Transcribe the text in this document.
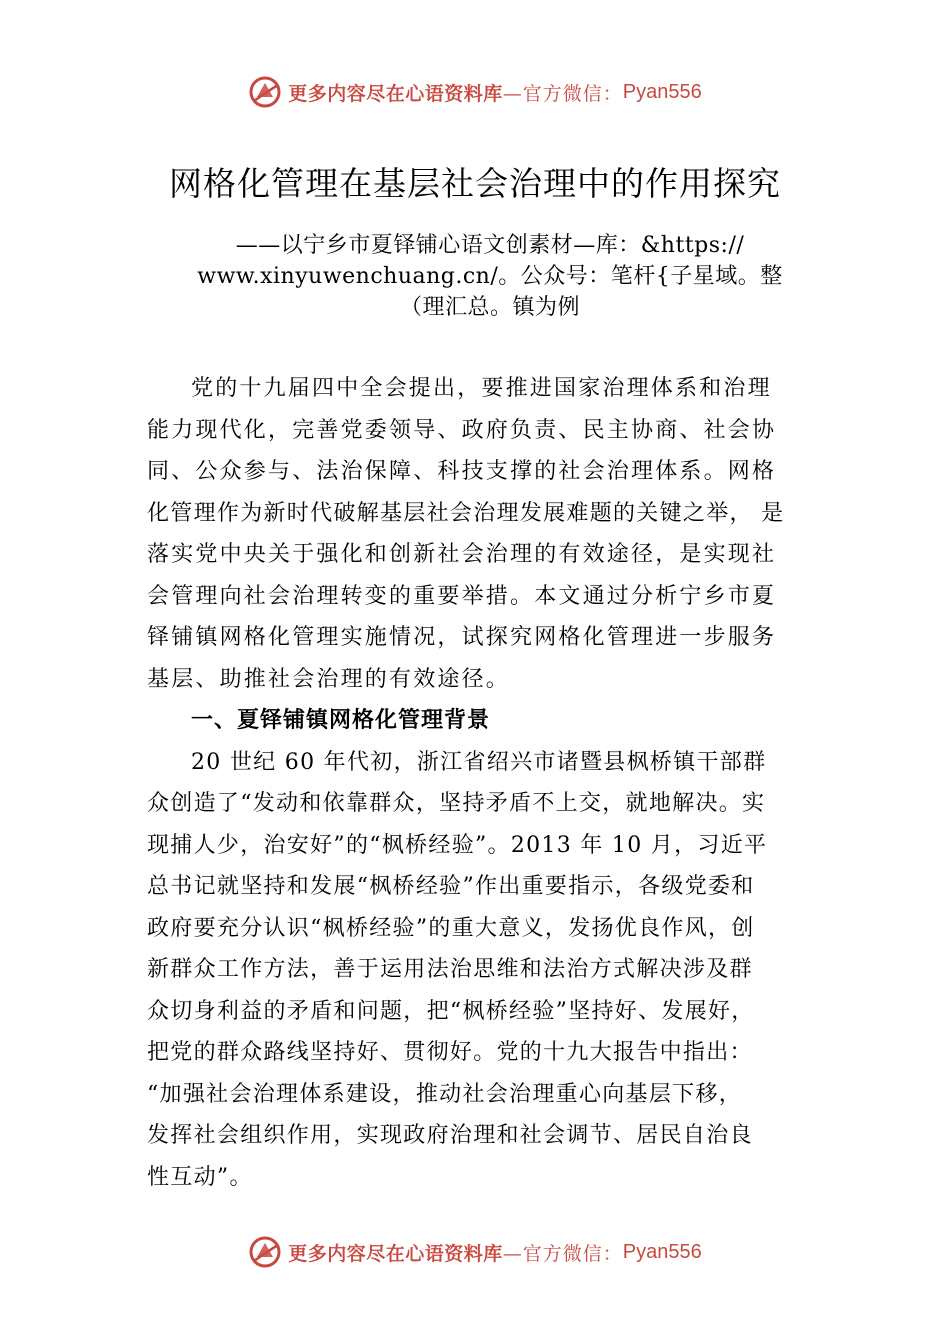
更多内容尽在心语资料库 —官方微信： Pyan556
网格化管理在基层社会治理中的作用探究
——以宁乡市夏铎铺心语文创素材—库：&https://
www.xinyuwenchuang.cn/。公众号：笔杆{子星域。整
（理汇总。镇为例
党的十九届四中全会提出，要推进国家治理体系和治理
能力现代化，完善党委领导、政府负责、民主协商、社会协
同、公众参与、法治保障、科技支撑的社会治理体系。网格
化管理作为新时代破解基层社会治理发展难题的关键之举， 是
落实党中央关于强化和创新社会治理的有效途径，是实现社
会管理向社会治理转变的重要举措。本文通过分析宁乡市夏
铎铺镇网格化管理实施情况，试探究网格化管理进一步服务
基层、助推社会治理的有效途径。
一、夏铎铺镇网格化管理背景
20 世纪 60 年代初，浙江省绍兴市诸暨县枫桥镇干部群
众创造了“发动和依靠群众，坚持矛盾不上交，就地解决。实
现捕人少，治安好”的“枫桥经验”。2013 年 10 月，习近平
总书记就坚持和发展“枫桥经验”作出重要指示，各级党委和
政府要充分认识“枫桥经验”的重大意义，发扬优良作风，创
新群众工作方法，善于运用法治思维和法治方式解决涉及群
众切身利益的矛盾和问题，把“枫桥经验”坚持好、发展好，
把党的群众路线坚持好、贯彻好。党的十九大报告中指出：
“加强社会治理体系建设，推动社会治理重心向基层下移，
发挥社会组织作用，实现政府治理和社会调节、居民自治良
性互动”。
更多内容尽在心语资料库 —官方微信： Pyan556
